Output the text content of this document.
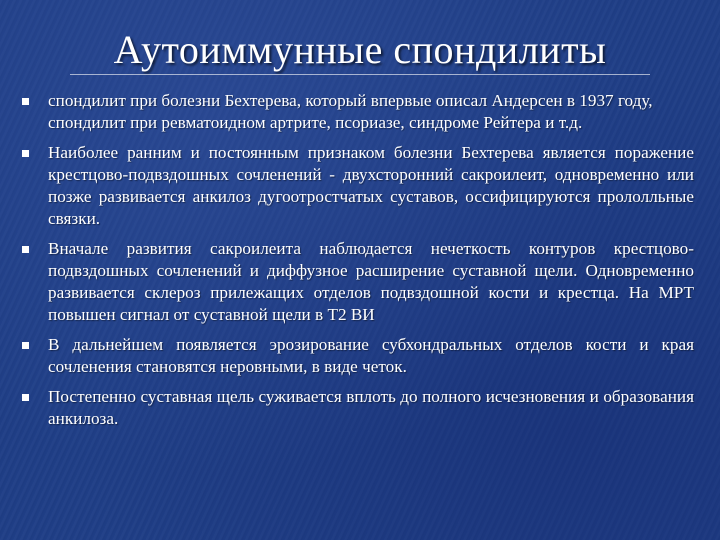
Аутоиммунные спондилиты
спондилит при болезни Бехтерева, который впервые описал Андерсен в 1937 году, спондилит при ревматоидном артрите, псориазе, синдроме Рейтера и т.д.
Наиболее ранним и постоянным признаком болезни Бехтерева является поражение крестцово-подвздошных сочленений - двухсторонний сакроилеит, одновременно или позже развивается анкилоз дугоотростчатых суставов, оссифицируются прололльные связки.
Вначале развития сакроилеита наблюдается нечеткость контуров крестцово-подвздошных сочленений и диффузное расширение суставной щели. Одновременно развивается склероз прилежащих отделов подвздошной кости и крестца. На МРТ повышен сигнал от суставной щели в Т2 ВИ
В дальнейшем появляется эрозирование субхондральных отделов кости и края сочленения становятся неровными, в виде четок.
Постепенно суставная щель суживается вплоть до полного исчезновения и образования анкилоза.
